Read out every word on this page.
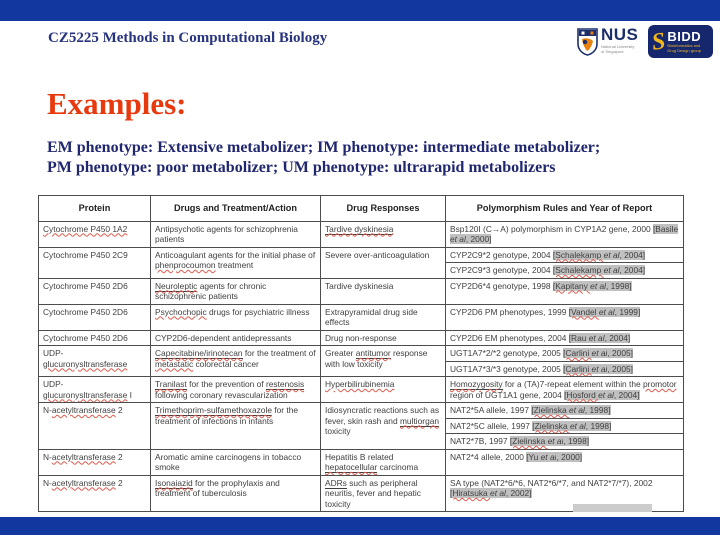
CZ5225 Methods in Computational Biology	NUS
National University
of Singapore	S BIDD
Bioinformatics and
Drug Design group
Examples:
EM phenotype: Extensive metabolizer; IM phenotype: intermediate metabolizer;
PM phenotype: poor metabolizer; UM phenotype: ultrarapid metabolizers
Protein	Drugs and Treatment/Action	Drug Responses	Polymorphism Rules and Year of Report
Cytochrome P450 1A2	Antipsychotic agents for schizophrenia patients	Tardive dyskinesia	Bsp120I (C→A) polymorphism in CYP1A2 gene, 2000 [Basile et al, 2000]
Cytochrome P450 2C9	Anticoagulant agents for the initial phase of phenprocoumon treatment	Severe over-anticoagulation	CYP2C9*2 genotype, 2004 [Schalekamp et al, 2004]
			CYP2C9*3 genotype, 2004 [Schalekamp et al, 2004]
Cytochrome P450 2D6	Neuroleptic agents for chronic schizophrenic patients	Tardive dyskinesia	CYP2D6*4 genotype, 1998 [Kapitany et al, 1998]
Cytochrome P450 2D6	Psychochopic drugs for psychiatric illness	Extrapyramidal drug side effects	CYP2D6 PM phenotypes, 1999 [Vandel et al, 1999]
Cytochrome P450 2D6	CYP2D6-dependent antidepressants	Drug non-response	CYP2D6 EM phenotypes, 2004 [Rau et al, 2004]
UDP-glucuronysltransferase	Capecitabine/irinotecan for the treatment of metastatic colorectal cancer	Greater antitumor response with low toxicity	UGT1A7*2/*2 genotype, 2005 [Carlini et al, 2005]
			UGT1A7*3/*3 genotype, 2005 [Carlini et al, 2005]
UDP-glucuronysltransferase I	Tranilast for the prevention of restenosis following coronary revascularization	Hyperbilirubinemia	Homozygosity for a (TA)7-repeat element within the promotor region of UGT1A1 gene, 2004 [Hosford et al, 2004]
N-acetyltransferase 2	Trimethoprim-sulfamethoxazole for the treatment of infections in infants	Idiosyncratic reactions such as fever, skin rash and multiorgan toxicity	NAT2*5A allele, 1997 [Zielinska et al, 1998]
			NAT2*5C allele, 1997 [Zielinska et al, 1998]
			NAT2*7B, 1997 [Zielinska et al, 1998]
N-acetyltransferase 2	Aromatic amine carcinogens in tobacco smoke	Hepatitis B related hepatocellular carcinoma	NAT2*4 allele, 2000 [Yu et al, 2000]
N-acetyltransferase 2	Isonaiazid for the prophylaxis and treatment of tuberculosis	ADRs such as peripheral neuritis, fever and hepatic toxicity	SA type (NAT2*6/*6, NAT2*6/*7, and NAT2*7/*7), 2002 [Hiratsuka et al, 2002]
